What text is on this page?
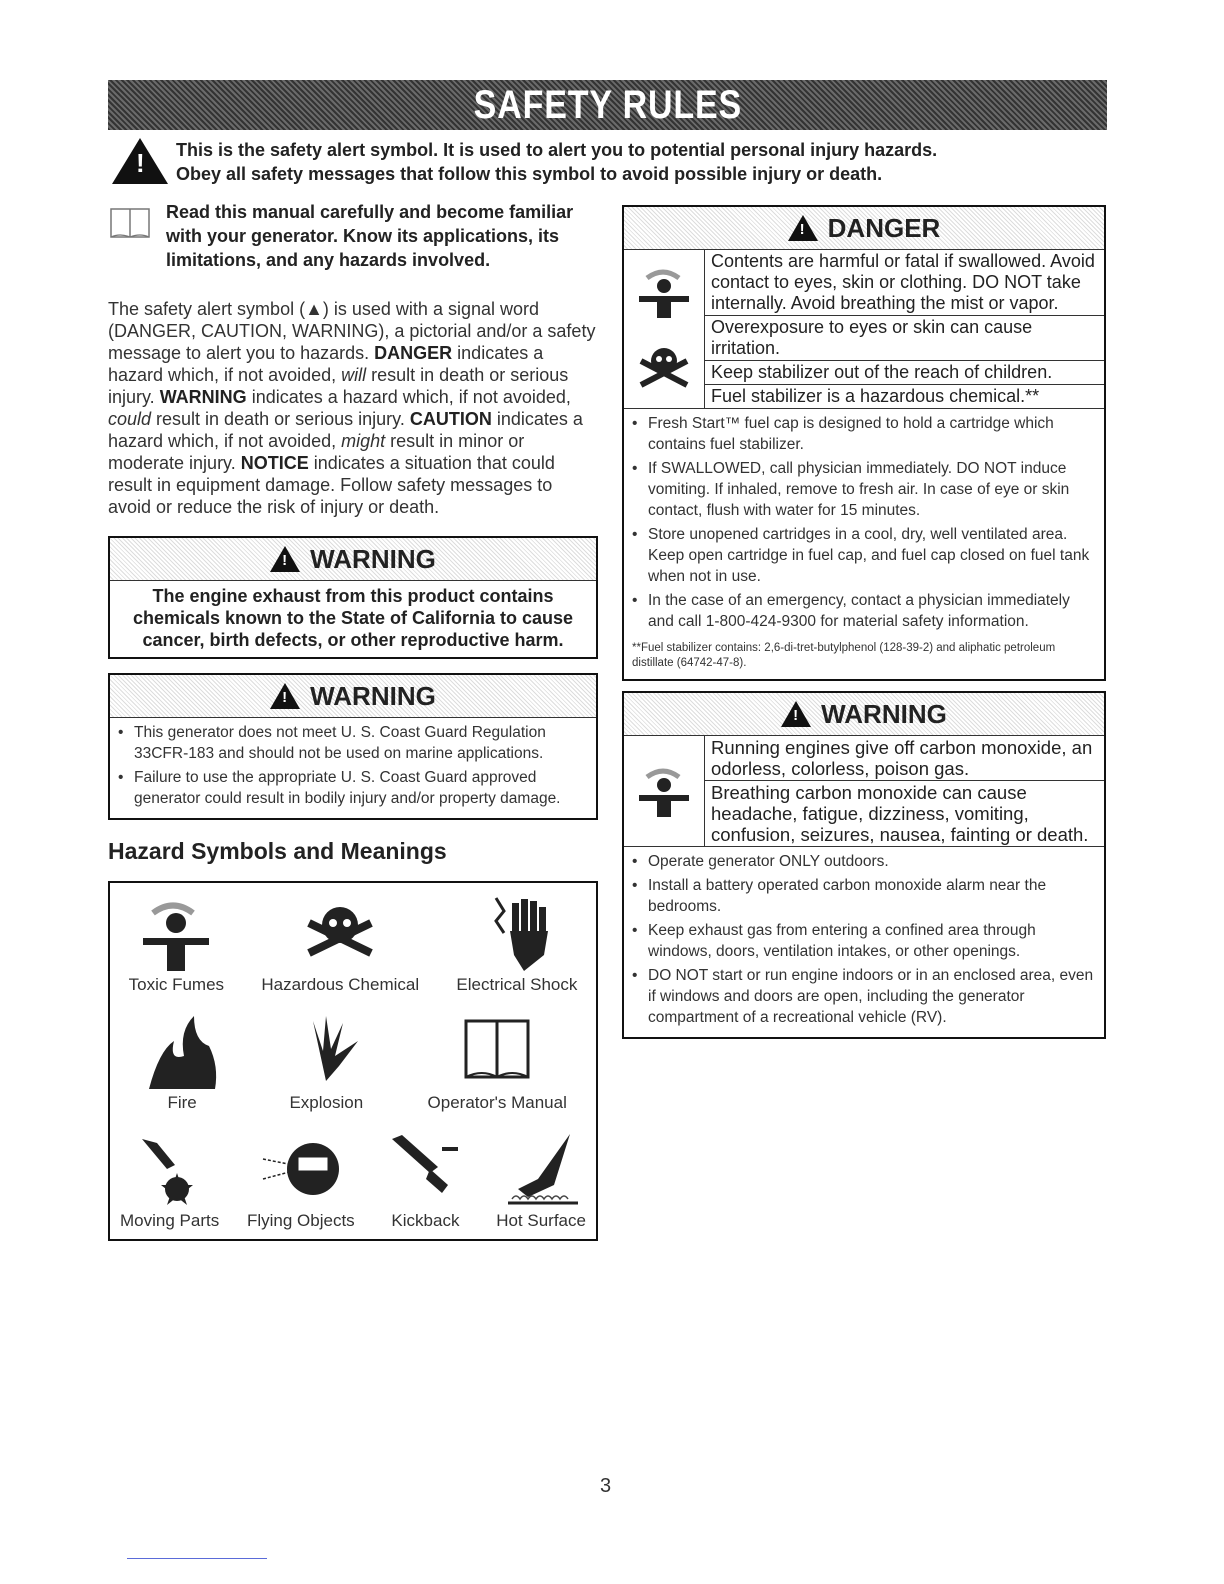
SAFETY RULES
!
This is the safety alert symbol. It is used to alert you to potential personal injury hazards.
Obey all safety messages that follow this symbol to avoid possible injury or death.
Read this manual carefully and become familiar
with your generator. Know its applications, its
limitations, and any hazards involved.
The safety alert symbol (▲) is used with a signal word (DANGER, CAUTION, WARNING), a pictorial and/or a safety message to alert you to hazards. DANGER indicates a hazard which, if not avoided, will result in death or serious injury. WARNING indicates a hazard which, if not avoided, could result in death or serious injury. CAUTION indicates a hazard which, if not avoided, might result in minor or moderate injury. NOTICE indicates a situation that could result in equipment damage. Follow safety messages to avoid or reduce the risk of injury or death.
!
WARNING
The engine exhaust from this product contains
chemicals known to the State of California to cause
cancer, birth defects, or other reproductive harm.
!
WARNING
• This generator does not meet U. S. Coast Guard Regulation 33CFR-183 and should not be used on marine applications.
• Failure to use the appropriate U. S. Coast Guard approved generator could result in bodily injury and/or property damage.
Hazard Symbols and Meanings
Toxic Fumes Hazardous Chemical Electrical Shock
Fire	Explosion	Operator's Manual
Moving Parts Flying Objects Kickback Hot Surface
!
DANGER
Contents are harmful or fatal if swallowed. Avoid contact to eyes, skin or clothing. DO NOT take internally. Avoid breathing the mist or vapor.
Overexposure to eyes or skin can cause irritation.
Keep stabilizer out of the reach of children.
Fuel stabilizer is a hazardous chemical.**
• Fresh Start™ fuel cap is designed to hold a cartridge which contains fuel stabilizer.
• If SWALLOWED, call physician immediately. DO NOT induce vomiting. If inhaled, remove to fresh air. In case of eye or skin contact, flush with water for 15 minutes.
• Store unopened cartridges in a cool, dry, well ventilated area. Keep open cartridge in fuel cap, and fuel cap closed on fuel tank when not in use.
• In the case of an emergency, contact a physician immediately and call 1-800-424-9300 for material safety information.
**Fuel stabilizer contains: 2,6-di-tret-butylphenol (128-39-2) and aliphatic petroleum distillate (64742-47-8).
!
WARNING
Running engines give off carbon monoxide, an odorless, colorless, poison gas.
Breathing carbon monoxide can cause headache, fatigue, dizziness, vomiting, confusion, seizures, nausea, fainting or death.
• Operate generator ONLY outdoors.
• Install a battery operated carbon monoxide alarm near the bedrooms.
• Keep exhaust gas from entering a confined area through windows, doors, ventilation intakes, or other openings.
• DO NOT start or run engine indoors or in an enclosed area, even if windows and doors are open, including the generator compartment of a recreational vehicle (RV).
3
